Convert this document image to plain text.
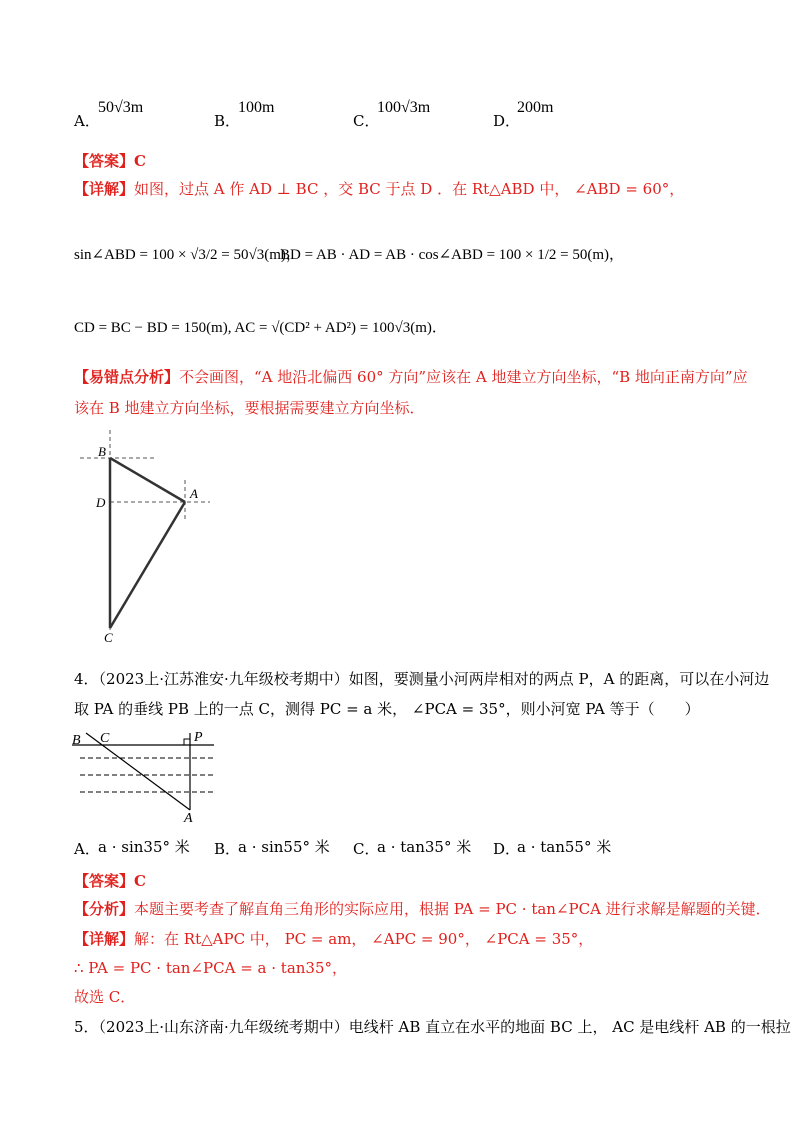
A．
50√3m
B．
100m
C．
100√3m
D．
200m
【答案】C
【详解】如图，过点 A 作 AD ⊥ BC ，交 BC 于点 D ．在 Rt△ABD 中， ∠ABD = 60°，
sin∠ABD = 100 × √3/2 = 50√3(m)，
BD = AB · AD = AB · cos∠ABD = 100 × 1/2 = 50(m)，
CD = BC − BD = 150(m), AC = √(CD² + AD²) = 100√3(m)．
【易错点分析】不会画图，“A 地沿北偏西 60° 方向”应该在 A 地建立方向坐标，“B 地向正南方向”应
该在 B 地建立方向坐标，要根据需要建立方向坐标．
B
D
A
C
4．（2023上·江苏淮安·九年级校考期中）如图，要测量小河两岸相对的两点 P，A 的距离，可以在小河边
取 PA 的垂线 PB 上的一点 C，测得 PC = a 米， ∠PCA = 35°，则小河宽 PA 等于（　　）
B C	P
A
A．
a · sin35° 米 B．
a · sin55° 米 C．
a · tan35° 米 D．
a · tan55° 米
【答案】C
【分析】本题主要考查了解直角三角形的实际应用，根据 PA = PC · tan∠PCA 进行求解是解题的关键．
【详解】解：在 Rt△APC 中， PC = am， ∠APC = 90°， ∠PCA = 35°，
∴ PA = PC · tan∠PCA = a · tan35°，
故选 C．
5．（2023上·山东济南·九年级统考期中）电线杆 AB 直立在水平的地面 BC 上， AC 是电线杆 AB 的一根拉
